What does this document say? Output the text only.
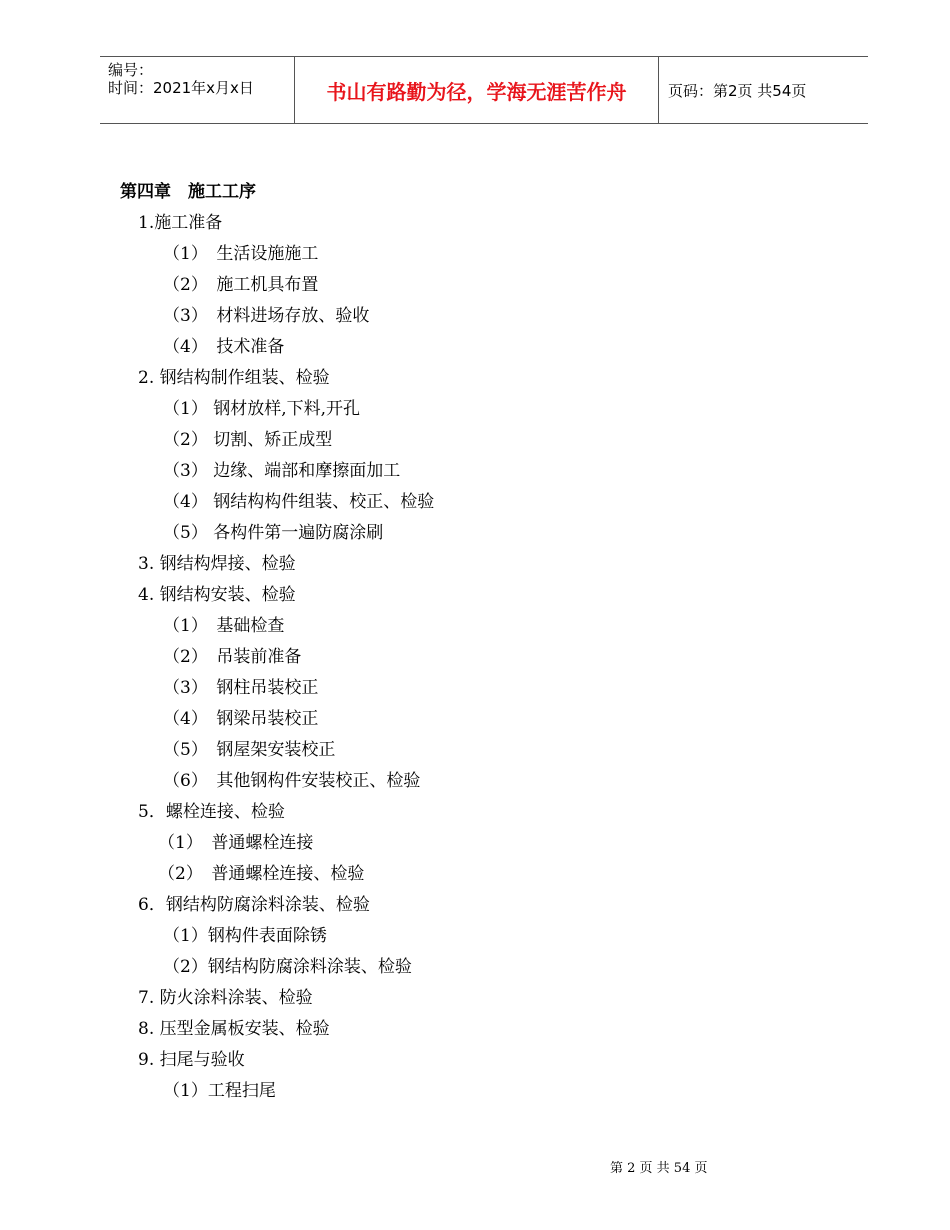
编号：
时间：2021年x月x日	书山有路勤为径，学海无涯苦作舟	页码：第2页 共54页
第四章　施工工序
1.施工准备
（1）　生活设施施工
（2）　施工机具布置
（3）　材料进场存放、验收
（4）　技术准备
2. 钢结构制作组装、检验
（1） 钢材放样,下料,开孔
（2） 切割、矫正成型
（3） 边缘、端部和摩擦面加工
（4） 钢结构构件组装、校正、检验
（5） 各构件第一遍防腐涂刷
3. 钢结构焊接、检验
4. 钢结构安装、检验
（1）　基础检查
（2）　吊装前准备
（3）　钢柱吊装校正
（4）　钢梁吊装校正
（5）　钢屋架安装校正
（6）　其他钢构件安装校正、检验
5．螺栓连接、检验
（1）　普通螺栓连接
（2）　普通螺栓连接、检验
6．钢结构防腐涂料涂装、检验
（1）钢构件表面除锈
（2）钢结构防腐涂料涂装、检验
7. 防火涂料涂装、检验
8. 压型金属板安装、检验
9. 扫尾与验收
（1）工程扫尾
第 2 页 共 54 页
